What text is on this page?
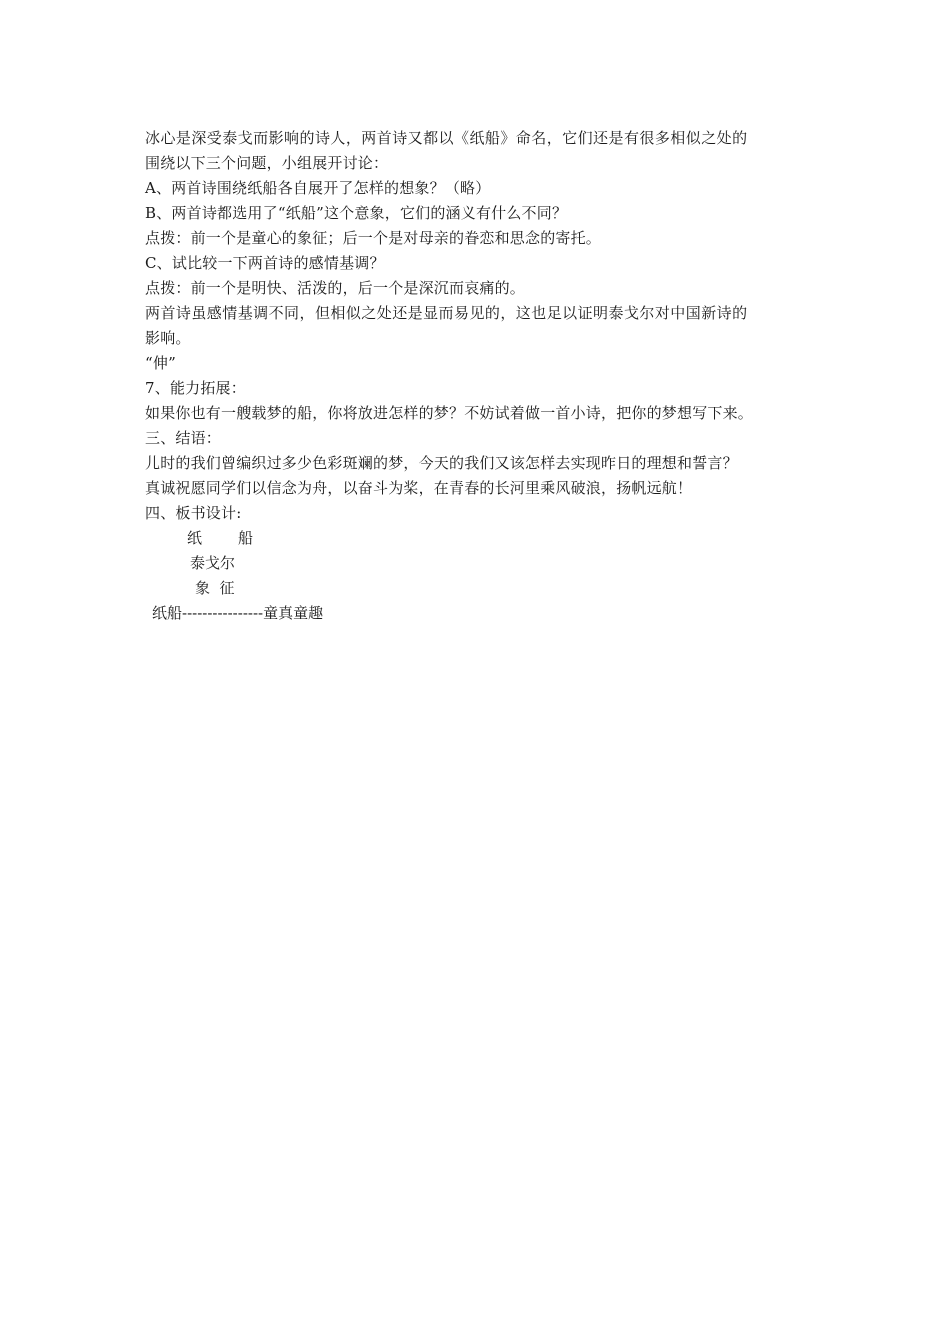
冰心是深受泰戈而影响的诗人，两首诗又都以《纸船》命名，它们还是有很多相似之处的
围绕以下三个问题，小组展开讨论：
A、两首诗围绕纸船各自展开了怎样的想象？（略）
B、两首诗都选用了“纸船”这个意象，它们的涵义有什么不同？
点拨：前一个是童心的象征；后一个是对母亲的眷恋和思念的寄托。
C、试比较一下两首诗的感情基调？
点拨：前一个是明快、活泼的，后一个是深沉而哀痛的。
两首诗虽感情基调不同，但相似之处还是显而易见的，这也足以证明泰戈尔对中国新诗的
影响。
“伸”
7、能力拓展：
如果你也有一艘载梦的船，你将放进怎样的梦？不妨试着做一首小诗，把你的梦想写下来。
三、结语：
儿时的我们曾编织过多少色彩斑斓的梦，今天的我们又该怎样去实现昨日的理想和誓言？
真诚祝愿同学们以信念为舟，以奋斗为桨，在青春的长河里乘风破浪，扬帆远航！
四、板书设计:
纸 船
泰戈尔
象  征
纸船----------------童真童趣
